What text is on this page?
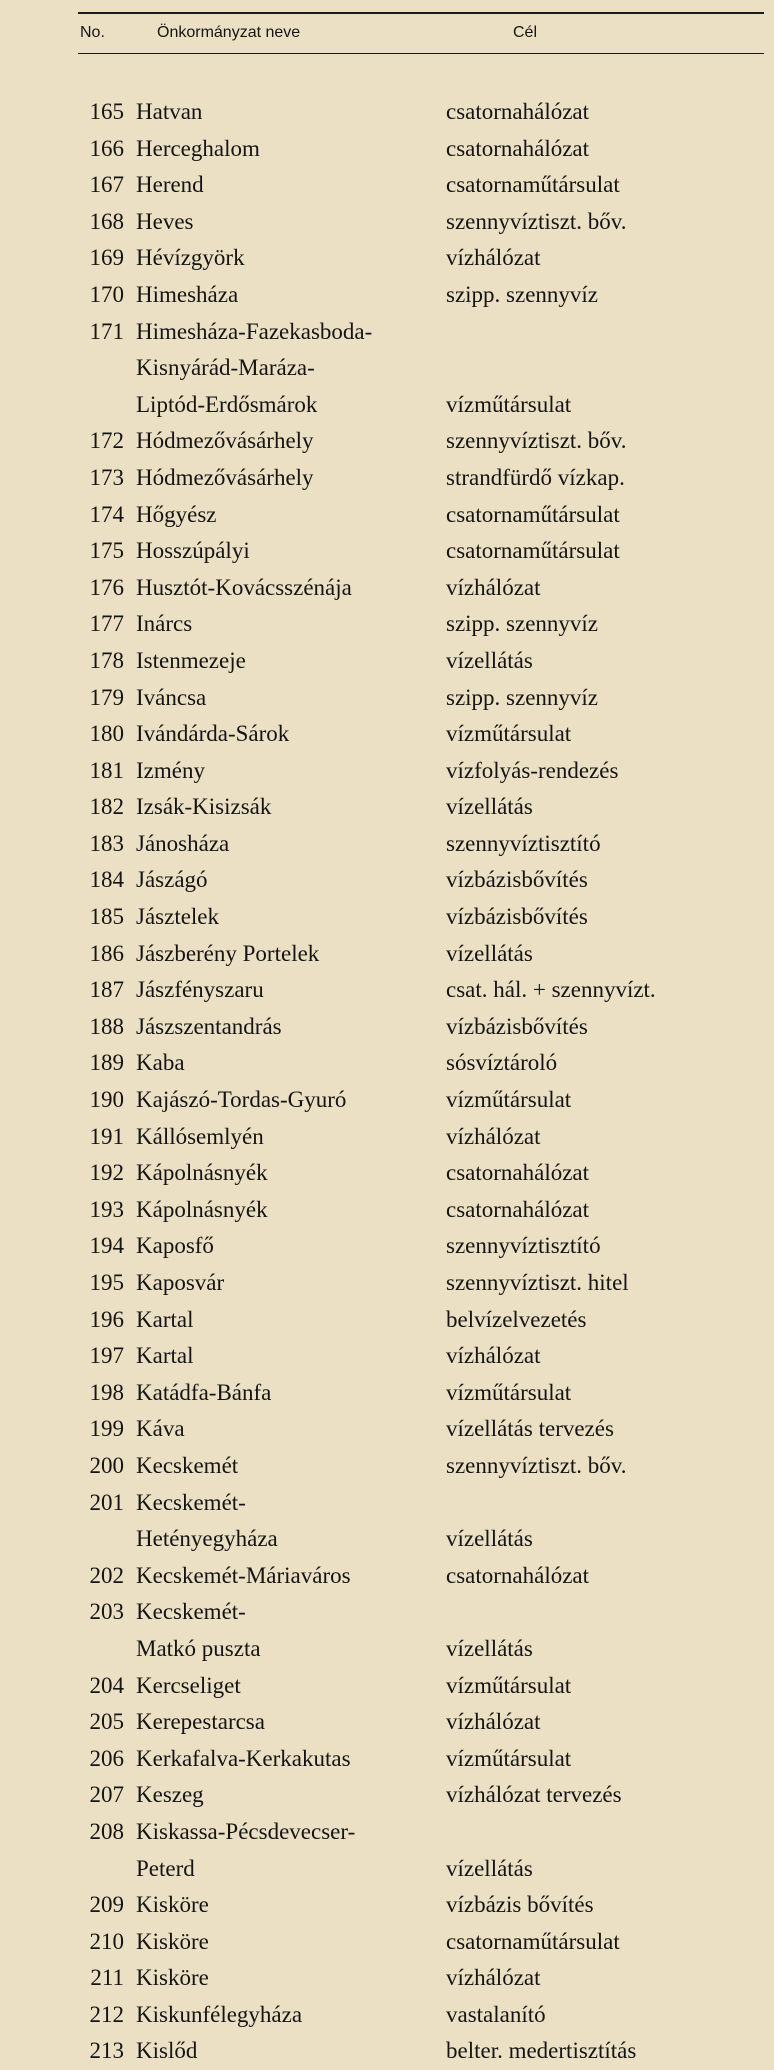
No.	Önkormányzat neve	Cél
165 Hatvan	csatornahálózat
166 Herceghalom	csatornahálózat
167 Herend	csatornaműtársulat
168 Heves	szennyvíztiszt. bőv.
169 Hévízgyörk	vízhálózat
170 Himesháza	szipp. szennyvíz
171 Himesháza-Fazekasboda-
Kisnyárád-Maráza-
Liptód-Erdősmárok	vízműtársulat
172 Hódmezővásárhely	szennyvíztiszt. bőv.
173 Hódmezővásárhely	strandfürdő vízkap.
174 Hőgyész	csatornaműtársulat
175 Hosszúpályi	csatornaműtársulat
176 Husztót-Kovácsszénája	vízhálózat
177 Inárcs	szipp. szennyvíz
178 Istenmezeje	vízellátás
179 Iváncsa	szipp. szennyvíz
180 Ivándárda-Sárok	vízműtársulat
181 Izmény	vízfolyás-rendezés
182 Izsák-Kisizsák	vízellátás
183 Jánosháza	szennyvíztisztító
184 Jászágó	vízbázisbővítés
185 Jásztelek	vízbázisbővítés
186 Jászberény Portelek	vízellátás
187 Jászfényszaru	csat. hál. + szennyvízt.
188 Jászszentandrás	vízbázisbővítés
189 Kaba	sósvíztároló
190 Kajászó-Tordas-Gyuró	vízműtársulat
191 Kállósemlyén	vízhálózat
192 Kápolnásnyék	csatornahálózat
193 Kápolnásnyék	csatornahálózat
194 Kaposfő	szennyvíztisztító
195 Kaposvár	szennyvíztiszt. hitel
196 Kartal	belvízelvezetés
197 Kartal	vízhálózat
198 Katádfa-Bánfa	vízműtársulat
199 Káva	vízellátás tervezés
200 Kecskemét	szennyvíztiszt. bőv.
201 Kecskemét-
Hetényegyháza	vízellátás
202 Kecskemét-Máriaváros	csatornahálózat
203 Kecskemét-
Matkó puszta	vízellátás
204 Kercseliget	vízműtársulat
205 Kerepestarcsa	vízhálózat
206 Kerkafalva-Kerkakutas	vízműtársulat
207 Keszeg	vízhálózat tervezés
208 Kiskassa-Pécsdevecser-
Peterd	vízellátás
209 Kisköre	vízbázis bővítés
210 Kisköre	csatornaműtársulat
211 Kisköre	vízhálózat
212 Kiskunfélegyháza	vastalanító
213 Kislőd	belter. medertisztítás
